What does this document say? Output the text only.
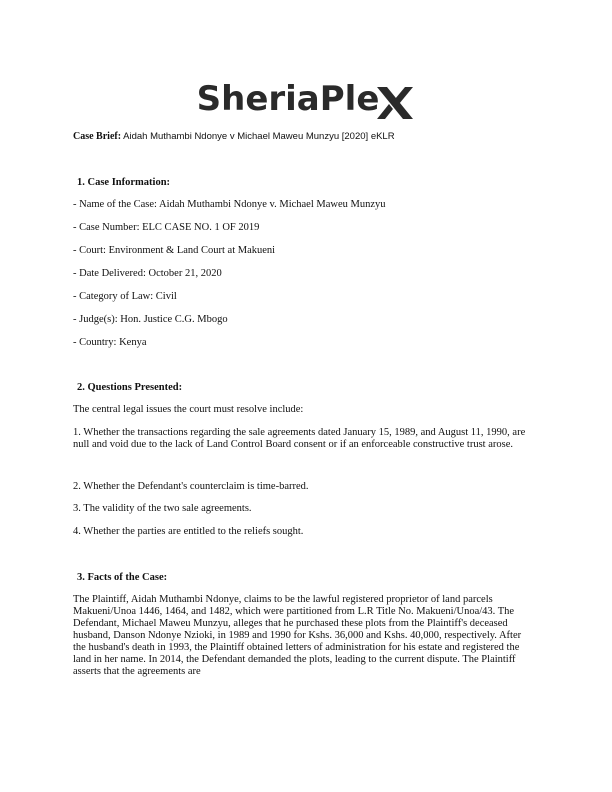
SheriaPle
Case Brief: Aidah Muthambi Ndonye v Michael Maweu Munzyu [2020] eKLR
1. Case Information:
- Name of the Case: Aidah Muthambi Ndonye v. Michael Maweu Munzyu
- Case Number: ELC CASE NO. 1 OF 2019
- Court: Environment & Land Court at Makueni
- Date Delivered: October 21, 2020
- Category of Law: Civil
- Judge(s): Hon. Justice C.G. Mbogo
- Country: Kenya
2. Questions Presented:
The central legal issues the court must resolve include:
1. Whether the transactions regarding the sale agreements dated January 15, 1989, and August 11, 1990, are null and void due to the lack of Land Control Board consent or if an enforceable constructive trust arose.
2. Whether the Defendant's counterclaim is time-barred.
3. The validity of the two sale agreements.
4. Whether the parties are entitled to the reliefs sought.
3. Facts of the Case:
The Plaintiff, Aidah Muthambi Ndonye, claims to be the lawful registered proprietor of land parcels Makueni/Unoa 1446, 1464, and 1482, which were partitioned from L.R Title No. Makueni/Unoa/43. The Defendant, Michael Maweu Munzyu, alleges that he purchased these plots from the Plaintiff's deceased husband, Danson Ndonye Nzioki, in 1989 and 1990 for Kshs. 36,000 and Kshs. 40,000, respectively. After the husband's death in 1993, the Plaintiff obtained letters of administration for his estate and registered the land in her name. In 2014, the Defendant demanded the plots, leading to the current dispute. The Plaintiff asserts that the agreements are
